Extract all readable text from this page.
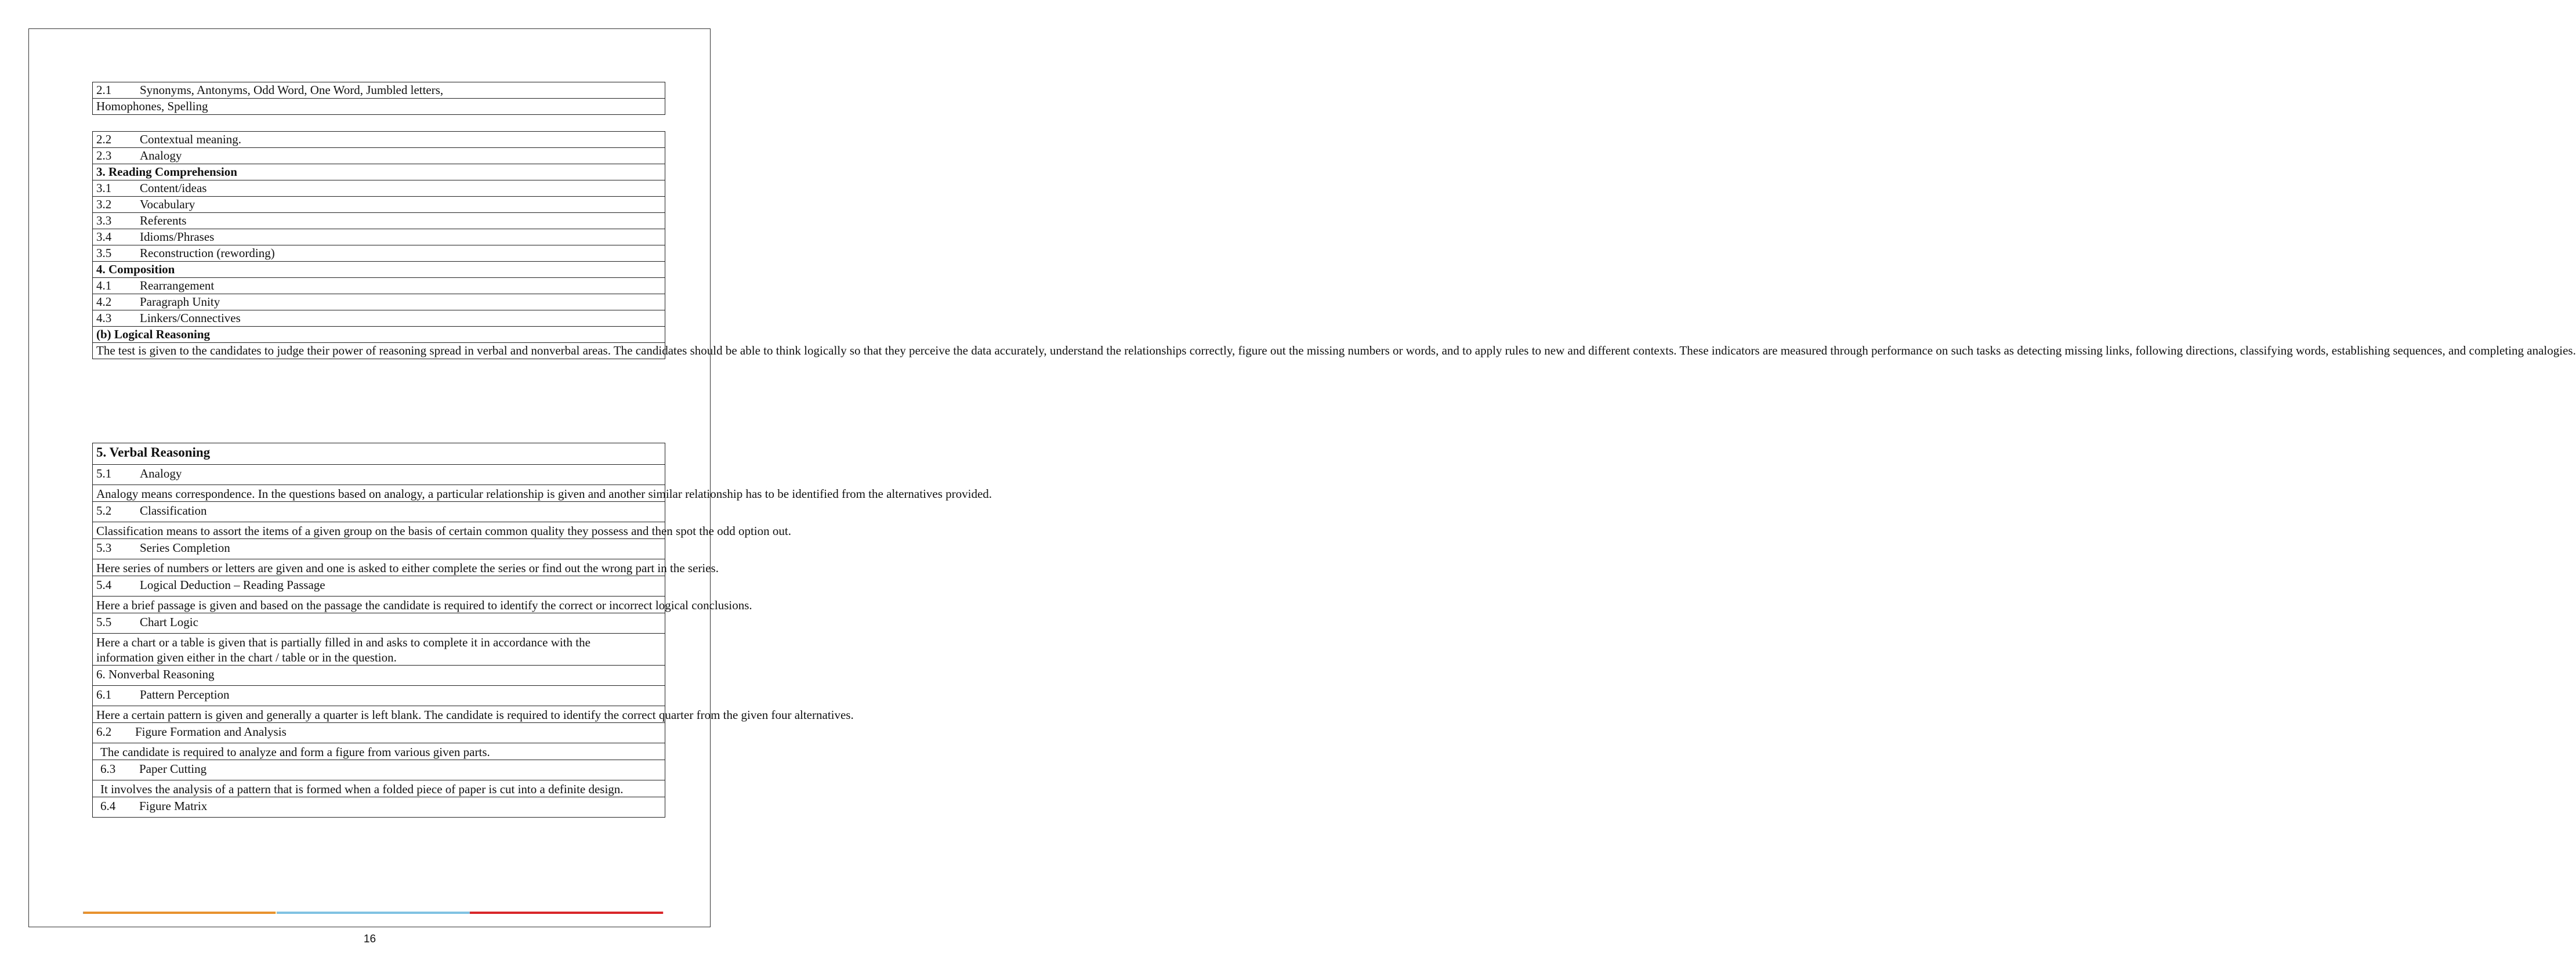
2.1 Synonyms, Antonyms, Odd Word, One Word, Jumbled letters,
Homophones, Spelling
2.2 Contextual meaning.
2.3 Analogy
3. Reading Comprehension
3.1 Content/ideas
3.2 Vocabulary
3.3 Referents
3.4 Idioms/Phrases
3.5 Reconstruction (rewording)
4. Composition
4.1 Rearrangement
4.2 Paragraph Unity
4.3 Linkers/Connectives
(b) Logical Reasoning
The test is given to the candidates to judge their power of reasoning spread in verbal and nonverbal areas. The candidates should be able to think logically so that they perceive the data accurately, understand the relationships correctly, figure out the missing numbers or words, and to apply rules to new and different contexts. These indicators are measured through performance on such tasks as detecting missing links, following directions, classifying words, establishing sequences, and completing analogies.
5. Verbal Reasoning
5.1 Analogy
Analogy means correspondence. In the questions based on analogy, a particular relationship is given and another similar relationship has to be identified from the alternatives provided.
5.2 Classification
Classification means to assort the items of a given group on the basis of certain common quality they possess and then spot the odd option out.
5.3 Series Completion
Here series of numbers or letters are given and one is asked to either complete the series or find out the wrong part in the series.
5.4 Logical Deduction – Reading Passage
Here a brief passage is given and based on the passage the candidate is required to identify the correct or incorrect logical conclusions.
5.5 Chart Logic
Here a chart or a table is given that is partially filled in and asks to complete it in accordance with the
information given either in the chart / table or in the question.
6. Nonverbal Reasoning
6.1 Pattern Perception
Here a certain pattern is given and generally a quarter is left blank. The candidate is required to identify the correct quarter from the given four alternatives.
6.2 Figure Formation and Analysis
The candidate is required to analyze and form a figure from various given parts.
6.3 Paper Cutting
It involves the analysis of a pattern that is formed when a folded piece of paper is cut into a definite design.
6.4 Figure Matrix
16
